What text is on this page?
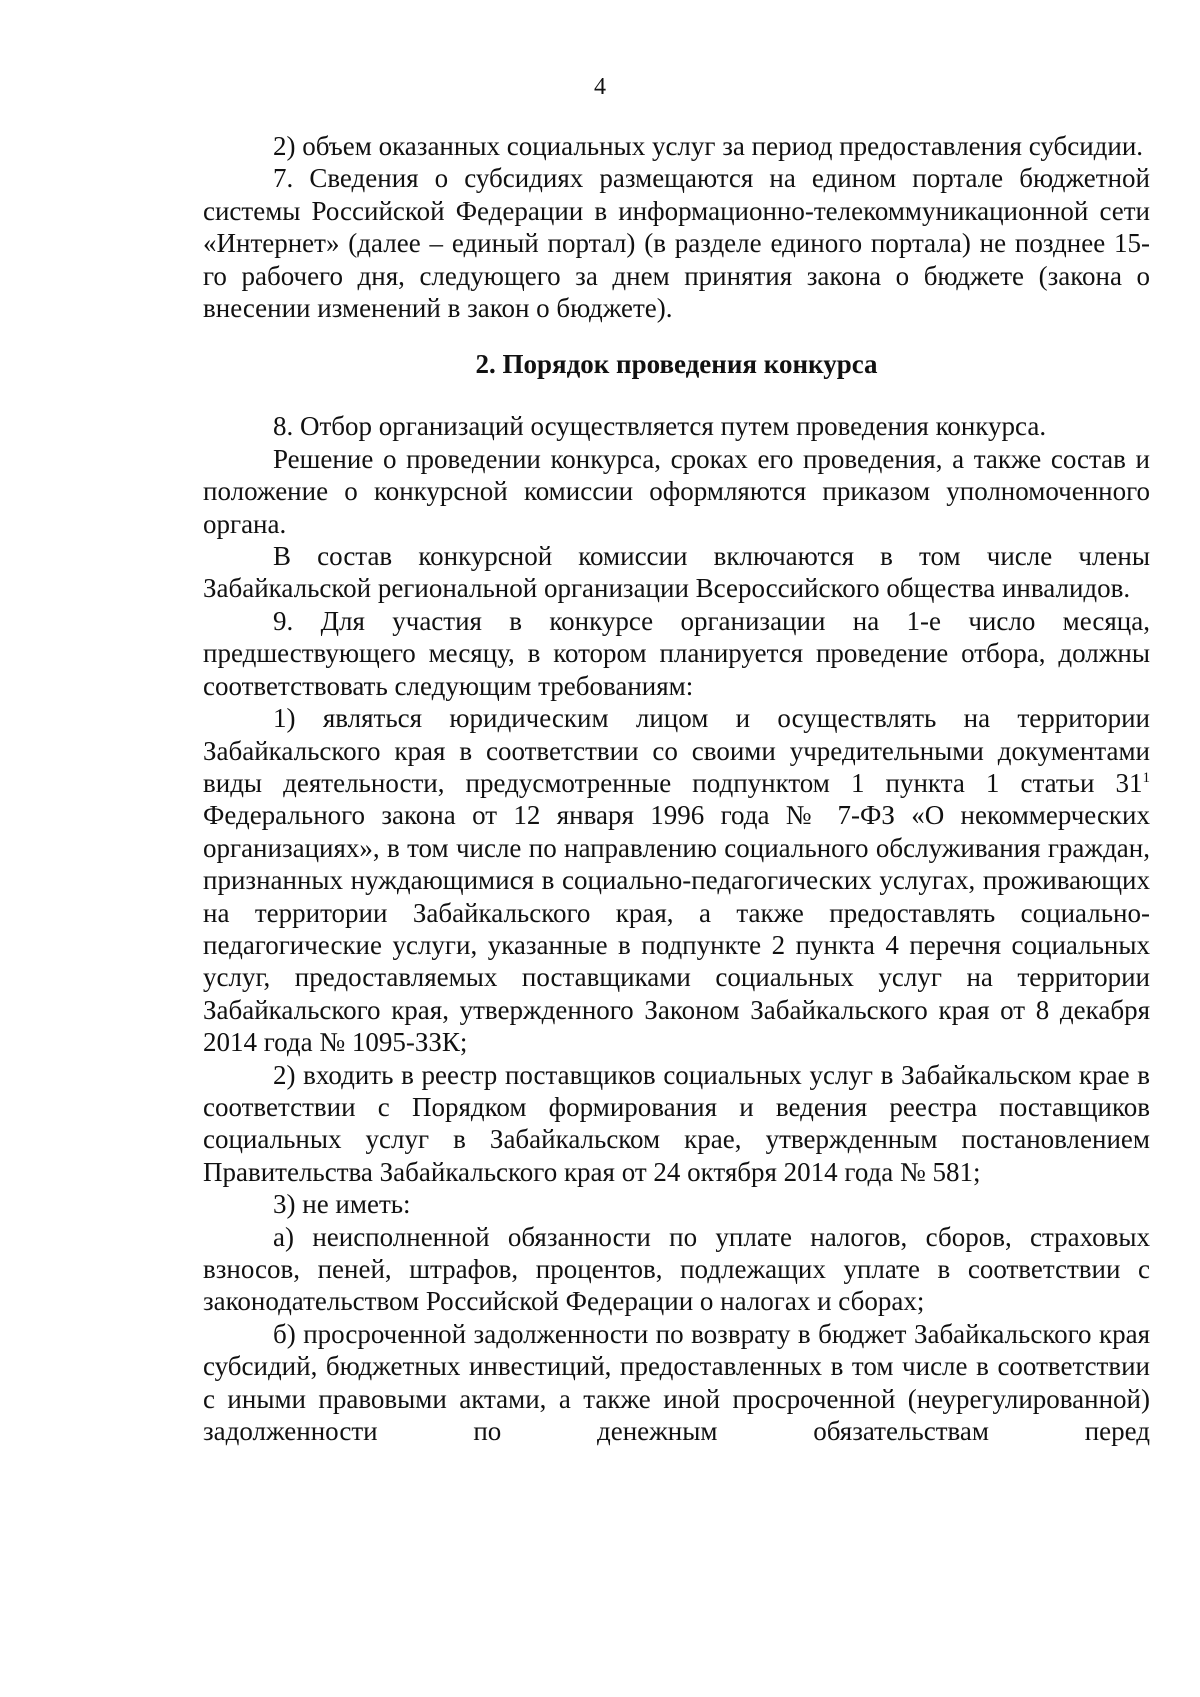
4

2) объем оказанных социальных услуг за период предоставления субсидии.

7. Сведения о субсидиях размещаются на едином портале бюджетной системы Российской Федерации в информационно-телекоммуникационной сети «Интернет» (далее – единый портал) (в разделе единого портала) не позднее 15-го рабочего дня, следующего за днем принятия закона о бюджете (закона о внесении изменений в закон о бюджете).

2. Порядок проведения конкурса

8. Отбор организаций осуществляется путем проведения конкурса.

Решение о проведении конкурса, сроках его проведения, а также состав и положение о конкурсной комиссии оформляются приказом уполномоченного органа.

В состав конкурсной комиссии включаются в том числе члены Забайкальской региональной организации Всероссийского общества инвалидов.

9. Для участия в конкурсе организации на 1-е число месяца, предшествующего месяцу, в котором планируется проведение отбора, должны соответствовать следующим требованиям:

1) являться юридическим лицом и осуществлять на территории Забайкальского края в соответствии со своими учредительными документами виды деятельности, предусмотренные подпунктом 1 пункта 1 статьи $31^1$ Федерального закона от 12 января 1996 года № 7-ФЗ «О некоммерческих организациях», в том числе по направлению социального обслуживания граждан, признанных нуждающимися в социально-педагогических услугах, проживающих на территории Забайкальского края, а также предоставлять социально-педагогические услуги, указанные в подпункте 2 пункта 4 перечня социальных услуг, предоставляемых поставщиками социальных услуг на территории Забайкальского края, утвержденного Законом Забайкальского края от 8 декабря 2014 года № 1095-ЗЗК;

2) входить в реестр поставщиков социальных услуг в Забайкальском крае в соответствии с Порядком формирования и ведения реестра поставщиков социальных услуг в Забайкальском крае, утвержденным постановлением Правительства Забайкальского края от 24 октября 2014 года № 581;

3) не иметь:

а) неисполненной обязанности по уплате налогов, сборов, страховых взносов, пеней, штрафов, процентов, подлежащих уплате в соответствии с законодательством Российской Федерации о налогах и сборах;

б) просроченной задолженности по возврату в бюджет Забайкальского края субсидий, бюджетных инвестиций, предоставленных в том числе в соответствии с иными правовыми актами, а также иной просроченной (неурегулированной) задолженности по денежным обязательствам перед
